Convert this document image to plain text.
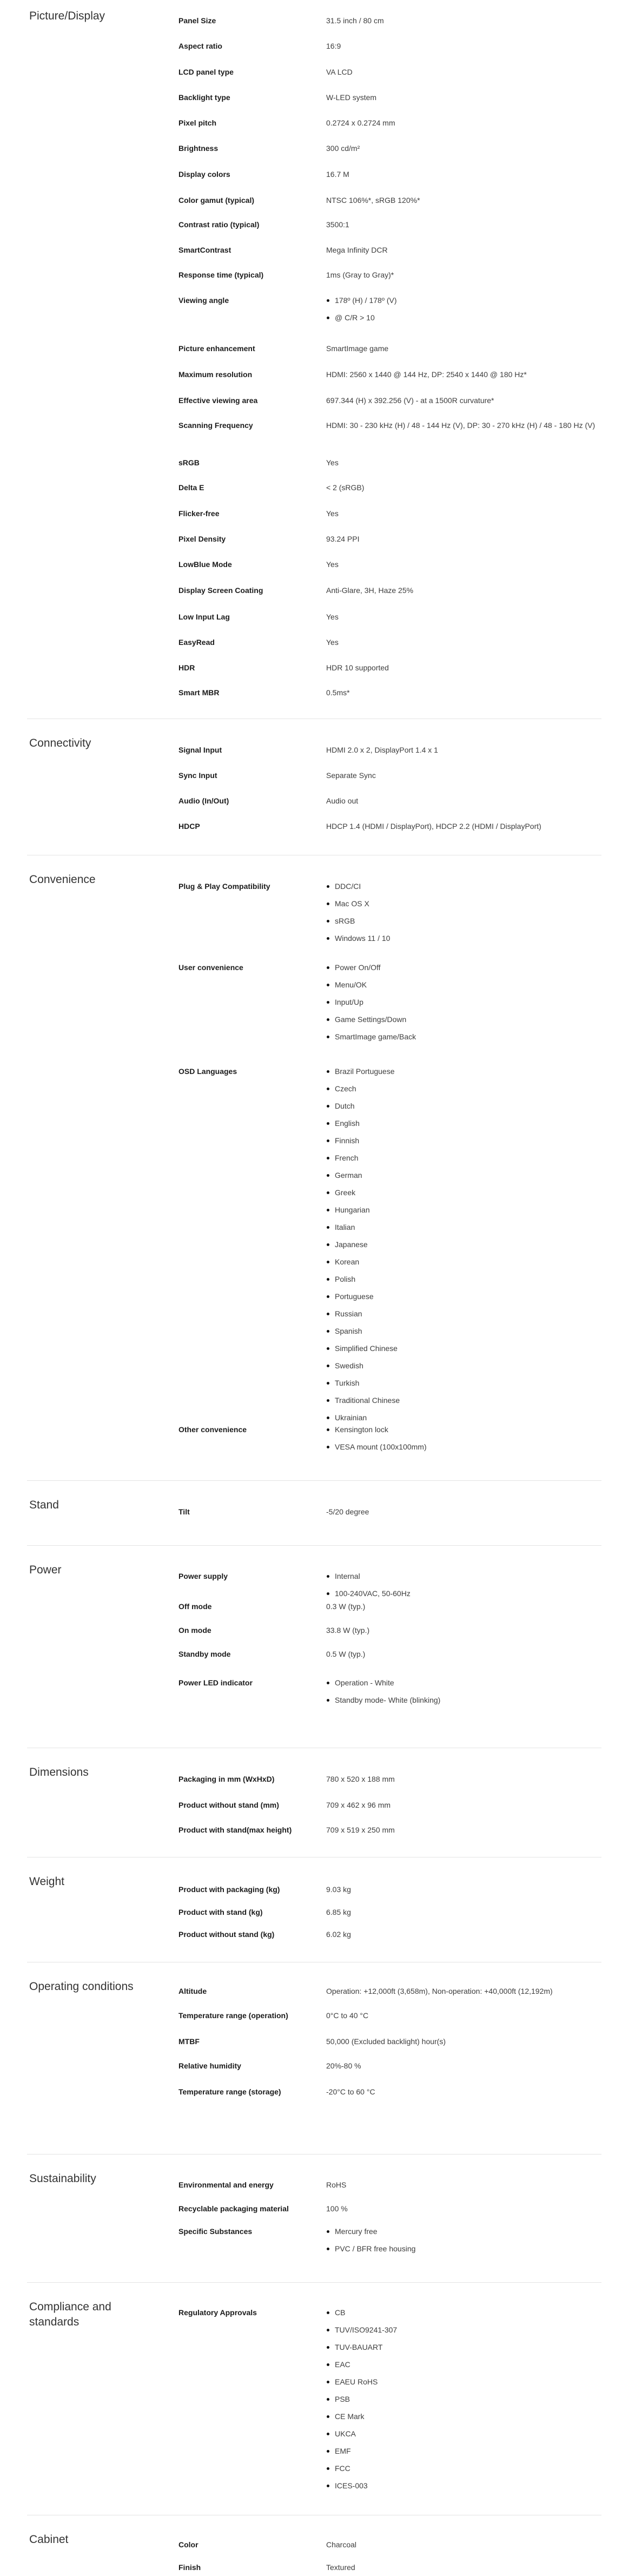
Picture/Display	Panel Size	31.5 inch / 80 cm
Aspect ratio	16:9
LCD panel type	VA LCD
Backlight type	W-LED system
Pixel pitch	0.2724 x 0.2724 mm
Brightness	300 cd/m²
Display colors	16.7 M
Color gamut (typical)	NTSC 106%*, sRGB 120%*
Contrast ratio (typical)	3500:1
SmartContrast	Mega Infinity DCR
Response time (typical)	1ms (Gray to Gray)*
Viewing angle	178º (H) / 178º (V)
@ C/R > 10
Picture enhancement	SmartImage game
Maximum resolution	HDMI: 2560 x 1440 @ 144 Hz, DP: 2540 x 1440 @ 180 Hz*
Effective viewing area	697.344 (H) x 392.256 (V) - at a 1500R curvature*
Scanning Frequency	HDMI: 30 - 230 kHz (H) / 48 - 144 Hz (V), DP: 30 - 270 kHz (H) / 48 - 180 Hz (V)
sRGB	Yes
Delta E	< 2 (sRGB)
Flicker-free	Yes
Pixel Density	93.24 PPI
LowBlue Mode	Yes
Display Screen Coating	Anti-Glare, 3H, Haze 25%
Low Input Lag	Yes
EasyRead	Yes
HDR	HDR 10 supported
Smart MBR	0.5ms*
Connectivity
Signal Input	HDMI 2.0 x 2, DisplayPort 1.4 x 1
Sync Input	Separate Sync
Audio (In/Out)	Audio out
HDCP	HDCP 1.4 (HDMI / DisplayPort), HDCP 2.2 (HDMI / DisplayPort)
Convenience
Plug & Play Compatibility	DDC/CI
Mac OS X
sRGB
Windows 11 / 10
User convenience	Power On/Off
Menu/OK
Input/Up
Game Settings/Down
SmartImage game/Back
OSD Languages	Brazil Portuguese
Czech
Dutch
English
Finnish
French
German
Greek
Hungarian
Italian
Japanese
Korean
Polish
Portuguese
Russian
Spanish
Simplified Chinese
Swedish
Turkish
Traditional Chinese
Ukrainian
Other convenience	Kensington lock
VESA mount (100x100mm)
Stand
Tilt	-5/20 degree
Power	Power supply	Internal
100-240VAC, 50-60Hz
Off mode	0.3 W (typ.)
On mode	33.8 W (typ.)
Standby mode	0.5 W (typ.)
Power LED indicator	Operation - White
Standby mode- White (blinking)
Dimensions
Packaging in mm (WxHxD)	780 x 520 x 188 mm
Product without stand (mm)	709 x 462 x 96 mm
Product with stand(max height)	709 x 519 x 250 mm
Weight
Product with packaging (kg)	9.03 kg
Product with stand (kg)	6.85 kg
Product without stand (kg)	6.02 kg
Operating conditions	Altitude	Operation: +12,000ft (3,658m), Non-operation: +40,000ft (12,192m)
Temperature range (operation)	0°C to 40 °C
MTBF	50,000 (Excluded backlight) hour(s)
Relative humidity	20%-80 %
Temperature range (storage)	-20°C to 60 °C
Sustainability	Environmental and energy	RoHS
Recyclable packaging material	100 %
Specific Substances	Mercury free
PVC / BFR free housing
Compliance and standards
Regulatory Approvals	CB
TUV/ISO9241-307
TUV-BAUART
EAC
EAEU RoHS
PSB
CE Mark
UKCA
EMF
FCC
ICES-003
Cabinet	Color	Charcoal
Finish	Textured
